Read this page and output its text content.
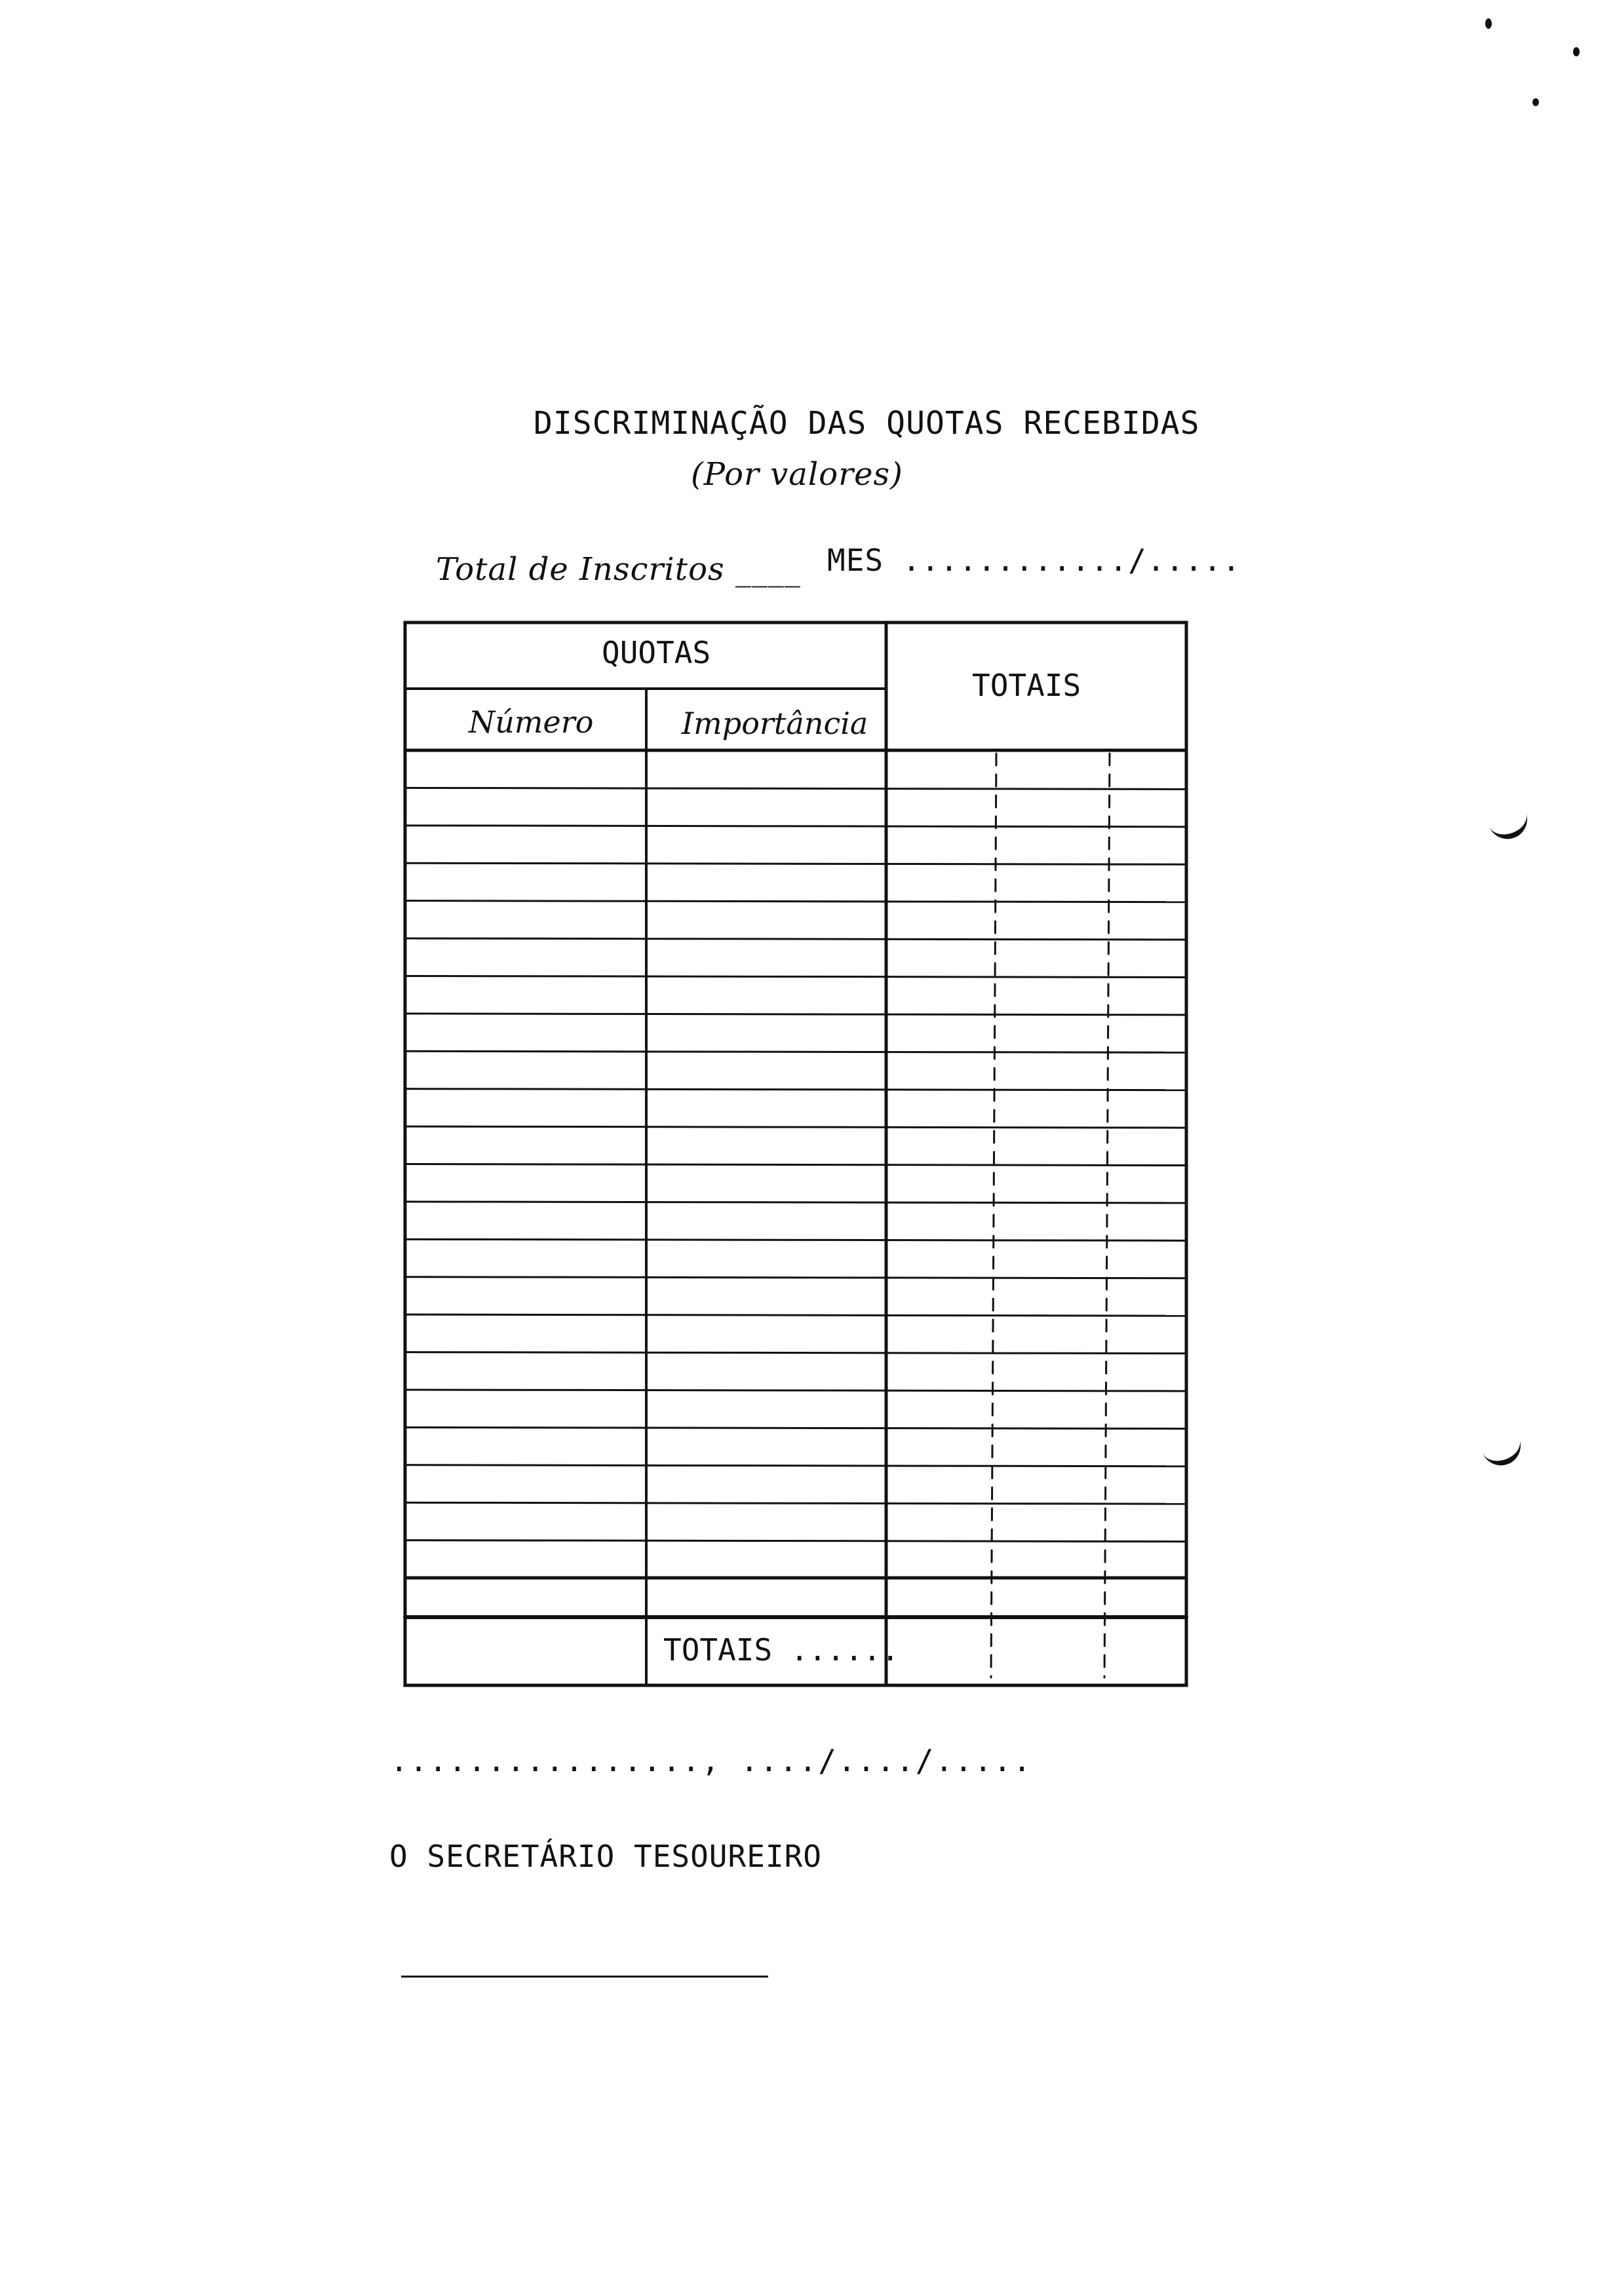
DISCRIMINAÇÃO DAS QUOTAS RECEBIDAS
(Por valores)
Total de Inscritos ____ MES ............/.....
QUOTAS
TOTAIS
Número	Importância
TOTAIS ......
................, ..../..../.....
O SECRETÁRIO TESOUREIRO
